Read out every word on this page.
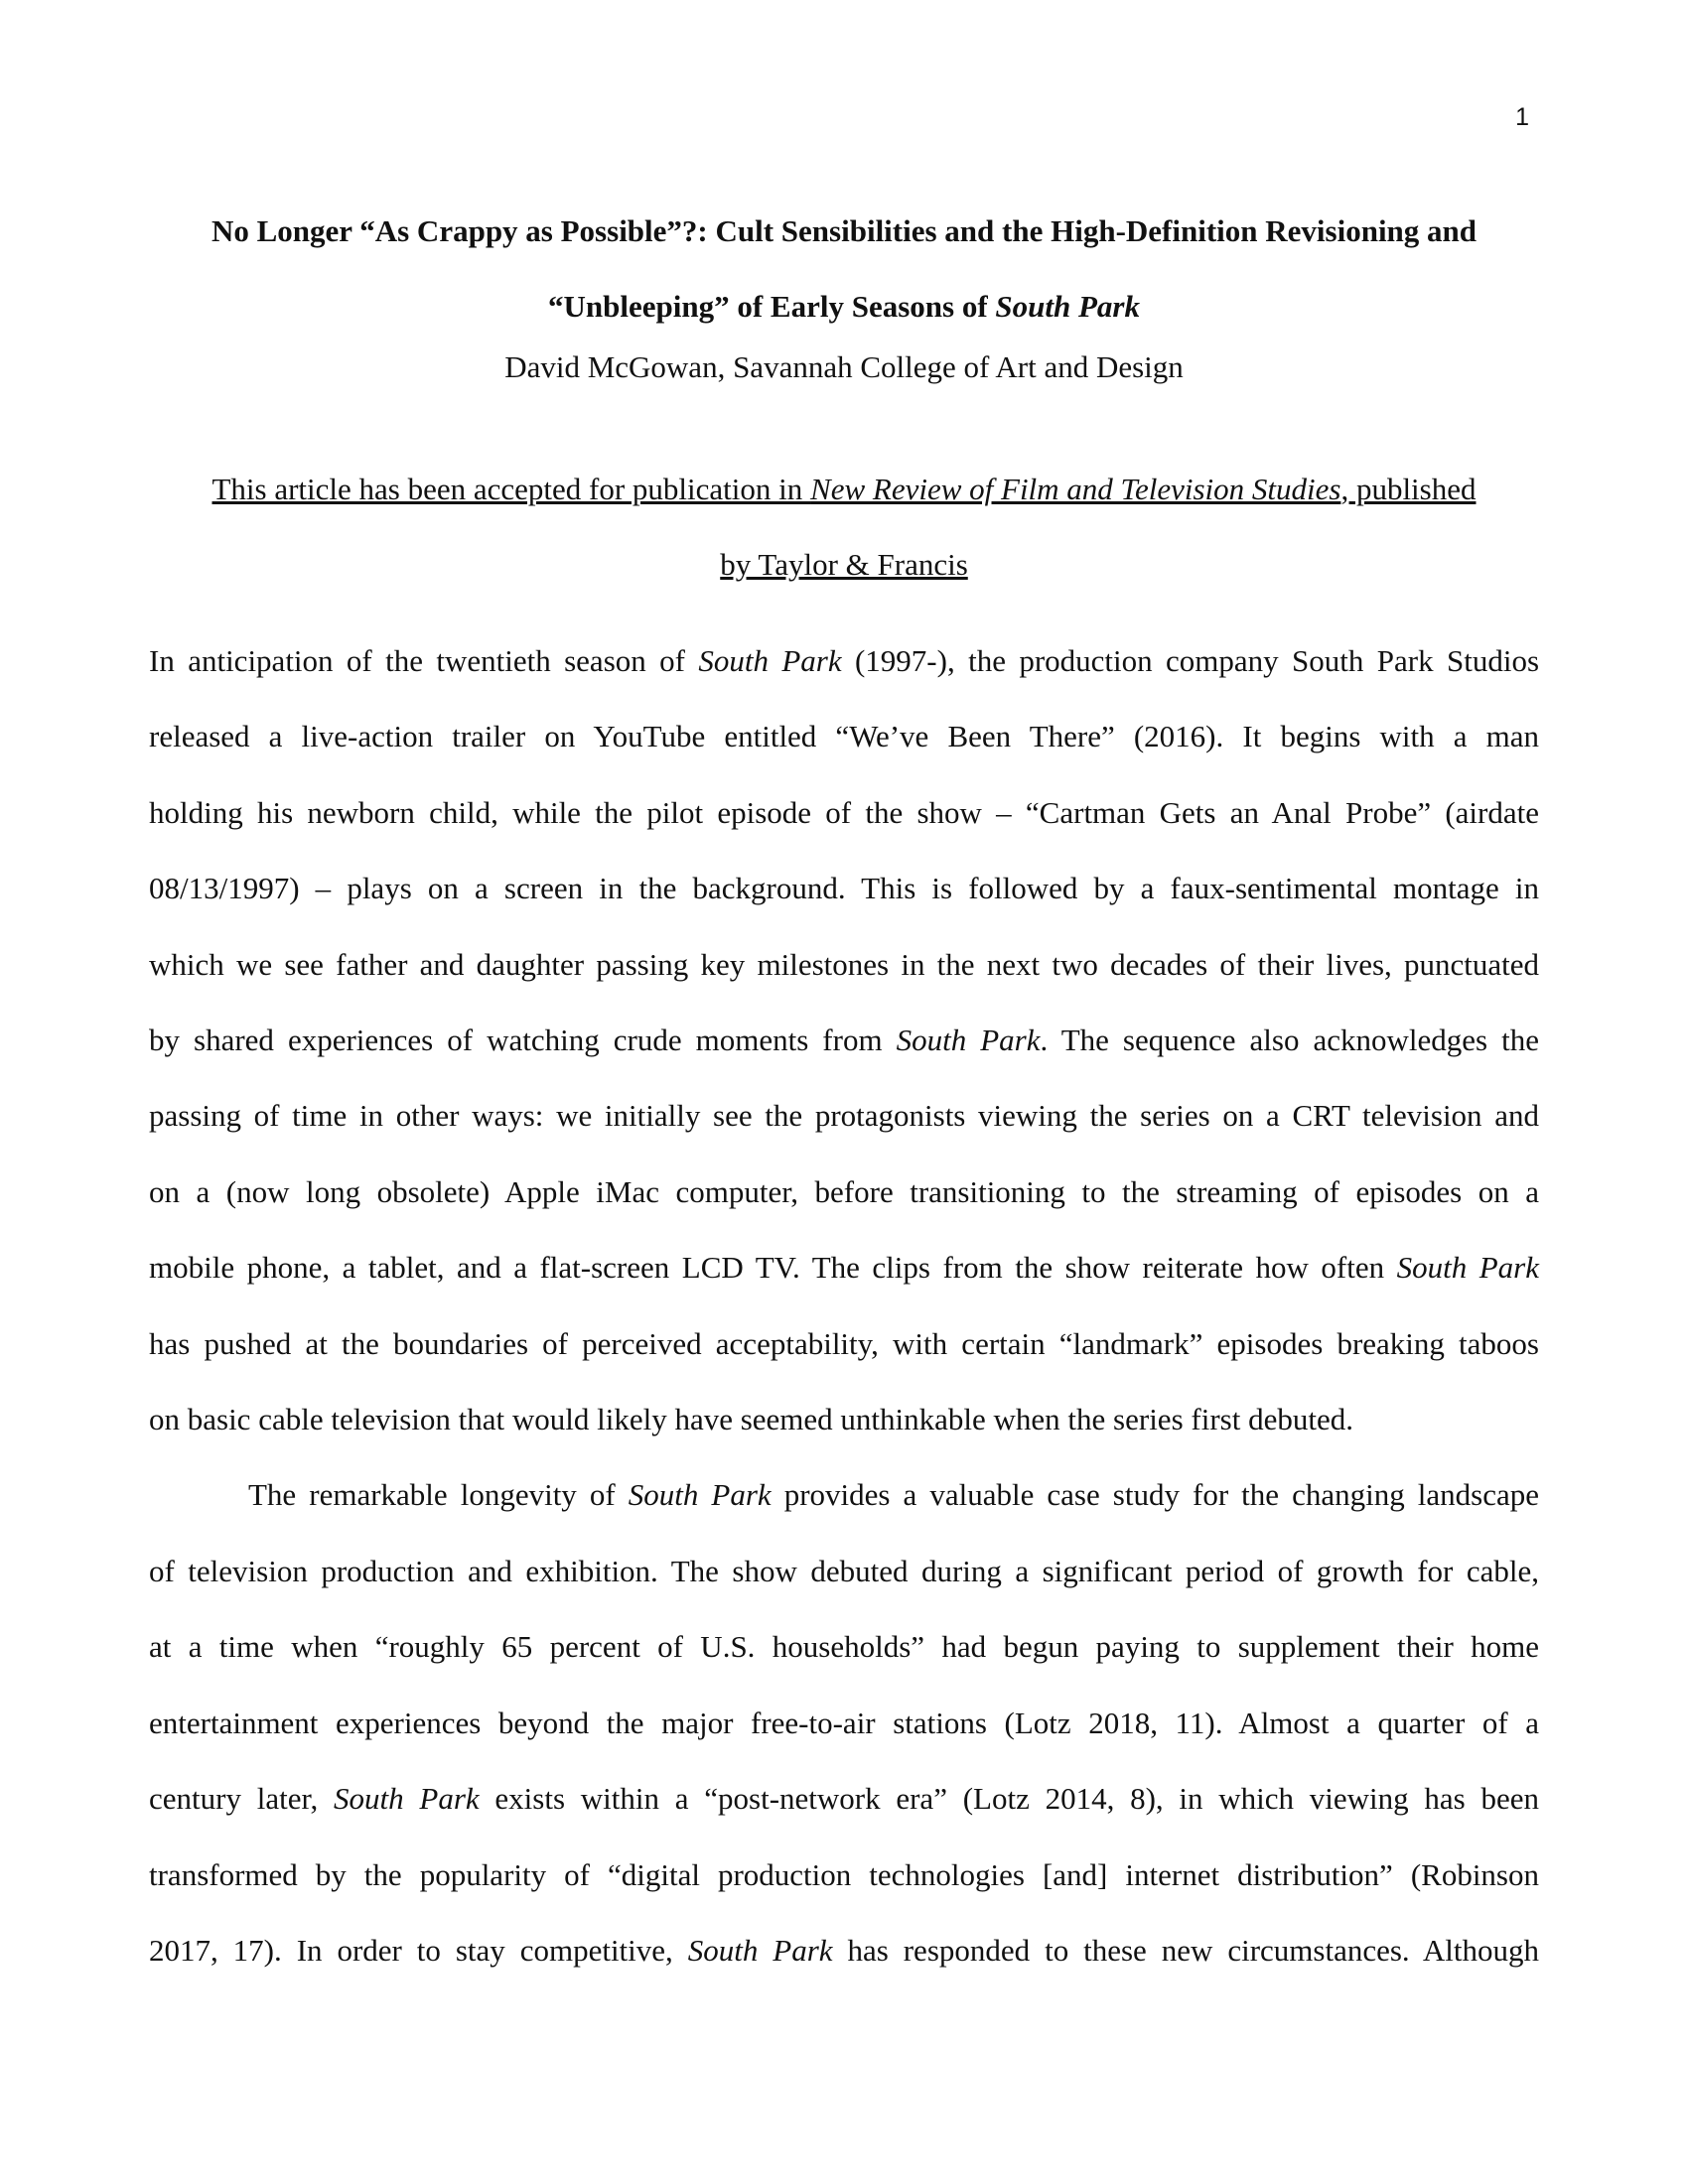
1
No Longer “As Crappy as Possible”?: Cult Sensibilities and the High-Definition Revisioning and
“Unbleeping” of Early Seasons of South Park
David McGowan, Savannah College of Art and Design
This article has been accepted for publication in New Review of Film and Television Studies, published
by Taylor & Francis
In anticipation of the twentieth season of South Park (1997-), the production company South Park Studios
released a live-action trailer on YouTube entitled “We’ve Been There” (2016). It begins with a man
holding his newborn child, while the pilot episode of the show – “Cartman Gets an Anal Probe” (airdate
08/13/1997) – plays on a screen in the background. This is followed by a faux-sentimental montage in
which we see father and daughter passing key milestones in the next two decades of their lives, punctuated
by shared experiences of watching crude moments from South Park. The sequence also acknowledges the
passing of time in other ways: we initially see the protagonists viewing the series on a CRT television and
on a (now long obsolete) Apple iMac computer, before transitioning to the streaming of episodes on a
mobile phone, a tablet, and a flat-screen LCD TV. The clips from the show reiterate how often South Park
has pushed at the boundaries of perceived acceptability, with certain “landmark” episodes breaking taboos
on basic cable television that would likely have seemed unthinkable when the series first debuted.
The remarkable longevity of South Park provides a valuable case study for the changing landscape
of television production and exhibition. The show debuted during a significant period of growth for cable,
at a time when “roughly 65 percent of U.S. households” had begun paying to supplement their home
entertainment experiences beyond the major free-to-air stations (Lotz 2018, 11). Almost a quarter of a
century later, South Park exists within a “post-network era” (Lotz 2014, 8), in which viewing has been
transformed by the popularity of “digital production technologies [and] internet distribution” (Robinson
2017, 17). In order to stay competitive, South Park has responded to these new circumstances. Although
